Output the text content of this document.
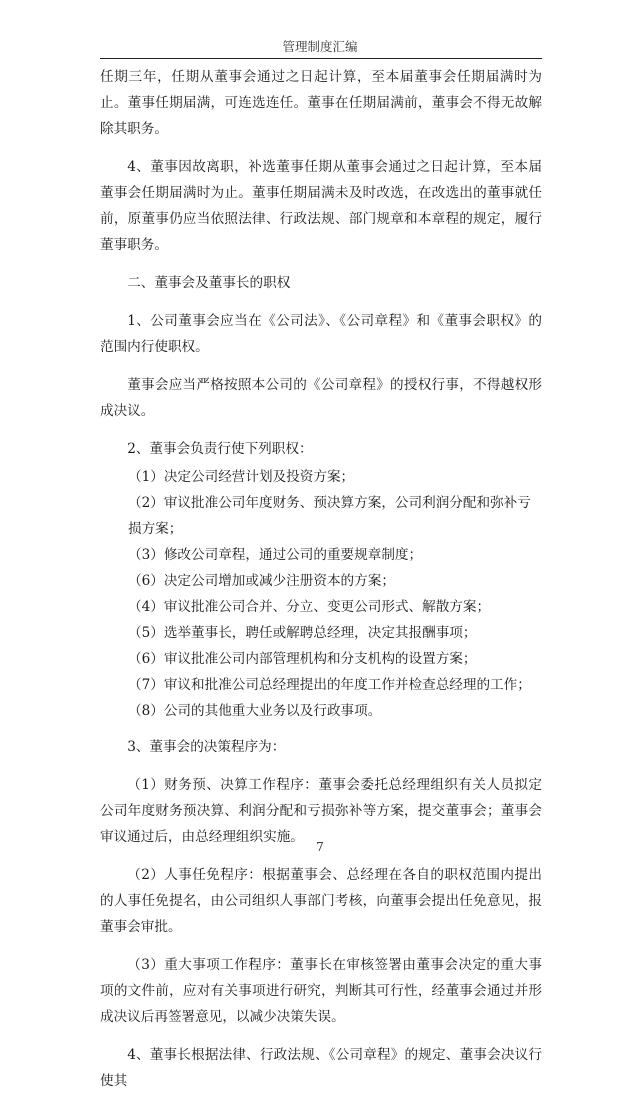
管理制度汇编

任期三年，任期从董事会通过之日起计算，至本届董事会任期届满时为止。董事任期届满，可连选连任。董事在任期届满前，董事会不得无故解除其职务。

4、董事因故离职，补选董事任期从董事会通过之日起计算，至本届董事会任期届满时为止。董事任期届满未及时改选，在改选出的董事就任前，原董事仍应当依照法律、行政法规、部门规章和本章程的规定，履行董事职务。

二、董事会及董事长的职权

1、公司董事会应当在《公司法》、《公司章程》和《董事会职权》的范围内行使职权。

董事会应当严格按照本公司的《公司章程》的授权行事，不得越权形成决议。

2、董事会负责行使下列职权：

（1）决定公司经营计划及投资方案；
（2）审议批准公司年度财务、预决算方案，公司利润分配和弥补亏损方案；
（3）修改公司章程，通过公司的重要规章制度；
（6）决定公司增加或减少注册资本的方案；
（4）审议批准公司合并、分立、变更公司形式、解散方案；
（5）选举董事长，聘任或解聘总经理，决定其报酬事项；
（6）审议批准公司内部管理机构和分支机构的设置方案；
（7）审议和批准公司总经理提出的年度工作并检查总经理的工作；
（8）公司的其他重大业务以及行政事项。

3、董事会的决策程序为：

（1）财务预、决算工作程序：董事会委托总经理组织有关人员拟定公司年度财务预决算、利润分配和亏损弥补等方案，提交董事会；董事会审议通过后，由总经理组织实施。

（2）人事任免程序：根据董事会、总经理在各自的职权范围内提出的人事任免提名，由公司组织人事部门考核，向董事会提出任免意见，报董事会审批。

（3）重大事项工作程序：董事长在审核签署由董事会决定的重大事项的文件前，应对有关事项进行研究，判断其可行性，经董事会通过并形成决议后再签署意见，以减少决策失误。

4、董事长根据法律、行政法规、《公司章程》的规定、董事会决议行使其

7
